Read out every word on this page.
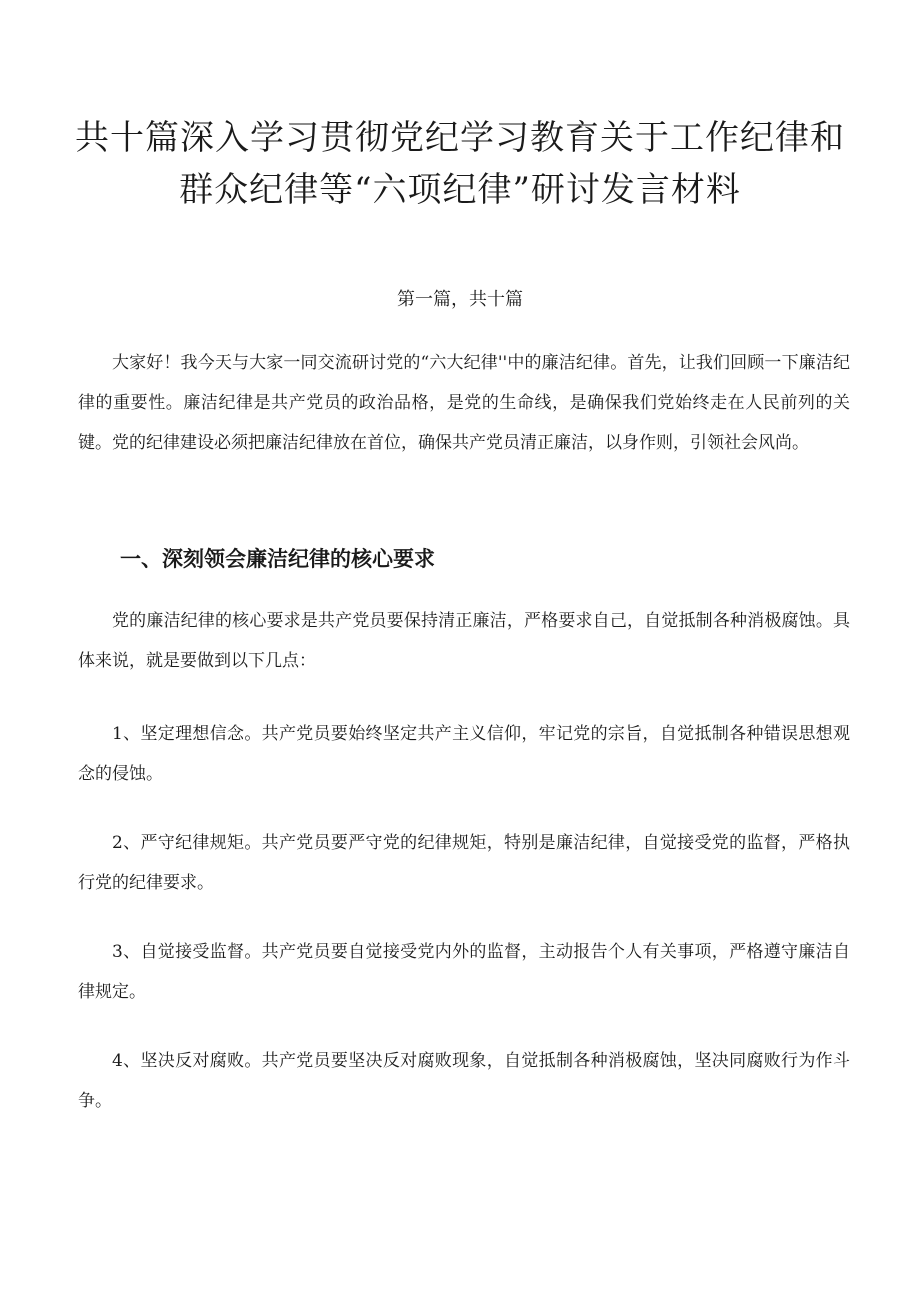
共十篇深入学习贯彻党纪学习教育关于工作纪律和群众纪律等“六项纪律”研讨发言材料

第一篇，共十篇

大家好！我今天与大家一同交流研讨党的“六大纪律''中的廉洁纪律。首先，让我们回顾一下廉洁纪律的重要性。廉洁纪律是共产党员的政治品格，是党的生命线，是确保我们党始终走在人民前列的关键。党的纪律建设必须把廉洁纪律放在首位，确保共产党员清正廉洁，以身作则，引领社会风尚。

一、深刻领会廉洁纪律的核心要求

党的廉洁纪律的核心要求是共产党员要保持清正廉洁，严格要求自己，自觉抵制各种消极腐蚀。具体来说，就是要做到以下几点：

1、坚定理想信念。共产党员要始终坚定共产主义信仰，牢记党的宗旨，自觉抵制各种错误思想观念的侵蚀。

2、严守纪律规矩。共产党员要严守党的纪律规矩，特别是廉洁纪律，自觉接受党的监督，严格执行党的纪律要求。

3、自觉接受监督。共产党员要自觉接受党内外的监督，主动报告个人有关事项，严格遵守廉洁自律规定。

4、坚决反对腐败。共产党员要坚决反对腐败现象，自觉抵制各种消极腐蚀，坚决同腐败行为作斗争。
